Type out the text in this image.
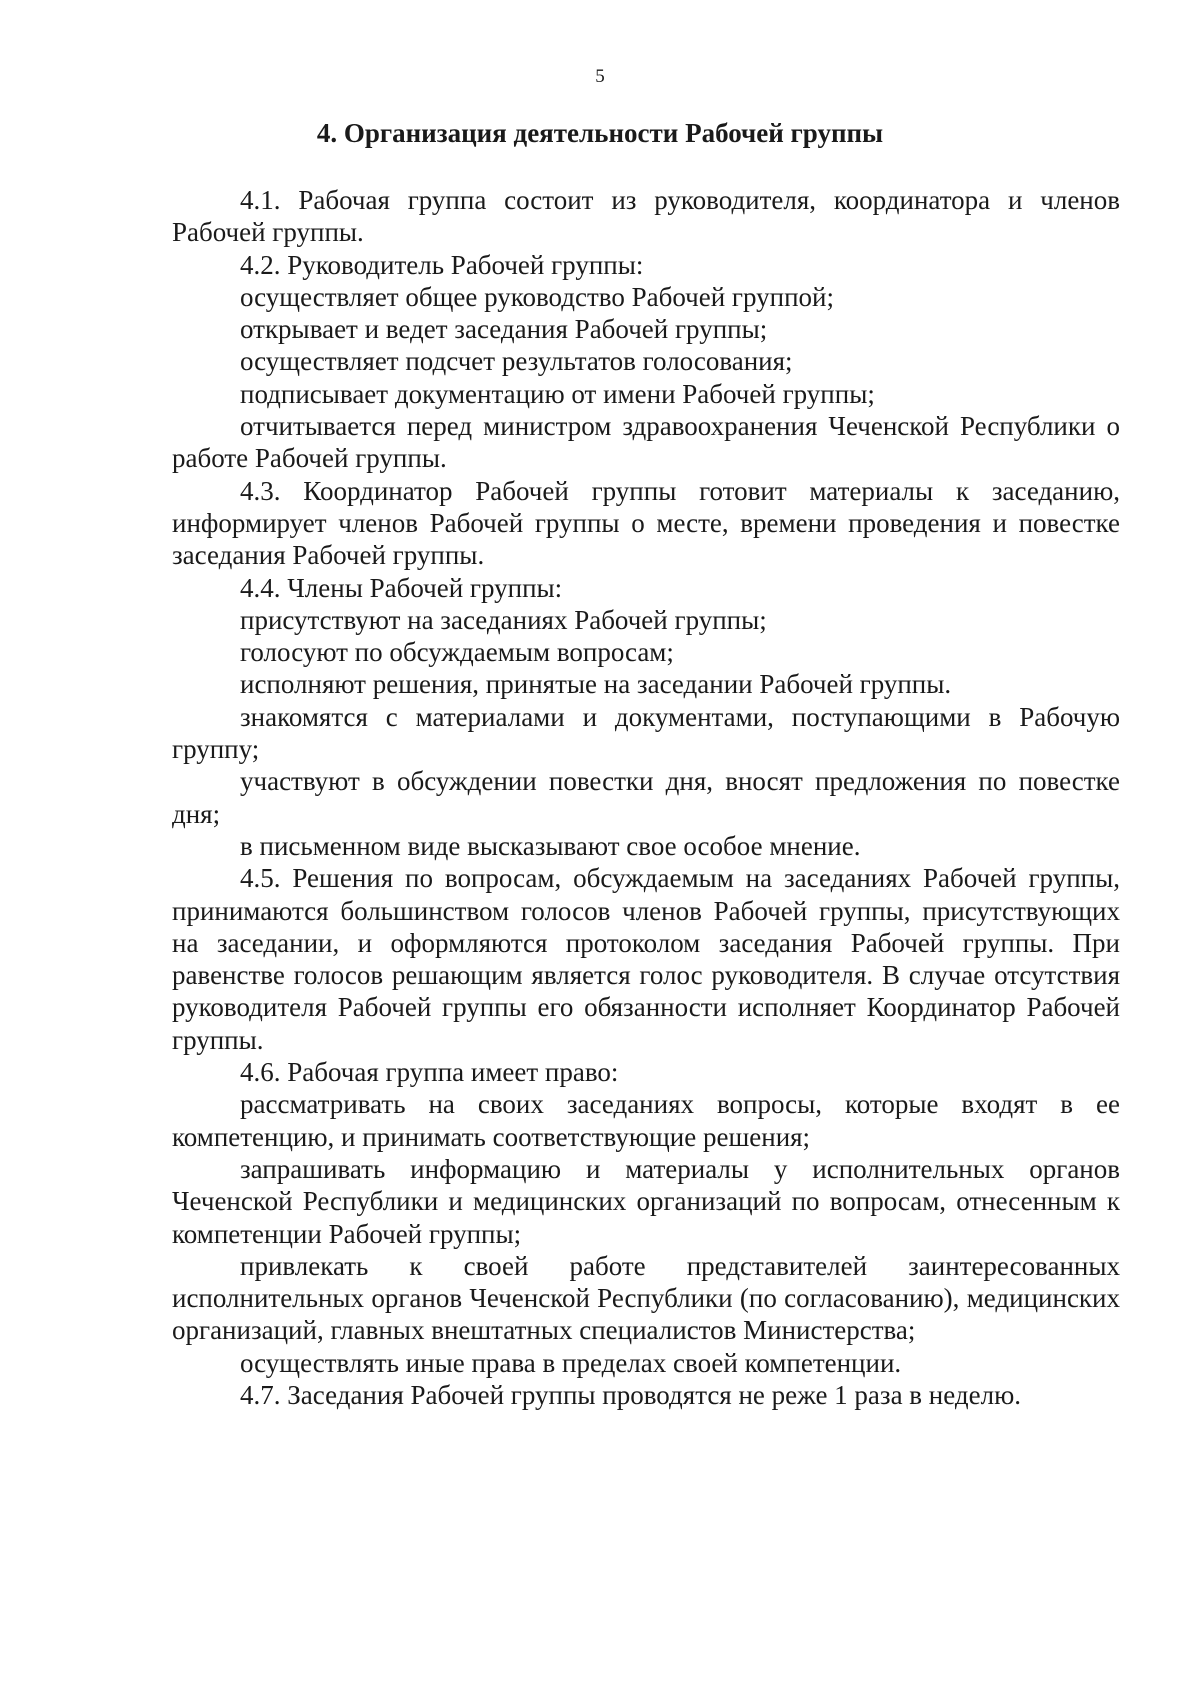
5
4. Организация деятельности Рабочей группы

4.1. Рабочая группа состоит из руководителя, координатора и членов Рабочей группы.

4.2. Руководитель Рабочей группы:

осуществляет общее руководство Рабочей группой;

открывает и ведет заседания Рабочей группы;

осуществляет подсчет результатов голосования;

подписывает документацию от имени Рабочей группы;

отчитывается перед министром здравоохранения Чеченской Республики о работе Рабочей группы.

4.3. Координатор Рабочей группы готовит материалы к заседанию, информирует членов Рабочей группы о месте, времени проведения и повестке заседания Рабочей группы.

4.4. Члены Рабочей группы:

присутствуют на заседаниях Рабочей группы;

голосуют по обсуждаемым вопросам;

исполняют решения, принятые на заседании Рабочей группы.

знакомятся с материалами и документами, поступающими в Рабочую группу;

участвуют в обсуждении повестки дня, вносят предложения по повестке дня;

в письменном виде высказывают свое особое мнение.

4.5. Решения по вопросам, обсуждаемым на заседаниях Рабочей группы, принимаются большинством голосов членов Рабочей группы, присутствующих на заседании, и оформляются протоколом заседания Рабочей группы. При равенстве голосов решающим является голос руководителя. В случае отсутствия руководителя Рабочей группы его обязанности исполняет Координатор Рабочей группы.

4.6. Рабочая группа имеет право:

рассматривать на своих заседаниях вопросы, которые входят в ее компетенцию, и принимать соответствующие решения;

запрашивать информацию и материалы у исполнительных органов Чеченской Республики и медицинских организаций по вопросам, отнесенным к компетенции Рабочей группы;

привлекать к своей работе представителей заинтересованных исполнительных органов Чеченской Республики (по согласованию), медицинских организаций, главных внештатных специалистов Министерства;

осуществлять иные права в пределах своей компетенции.

4.7. Заседания Рабочей группы проводятся не реже 1 раза в неделю.
